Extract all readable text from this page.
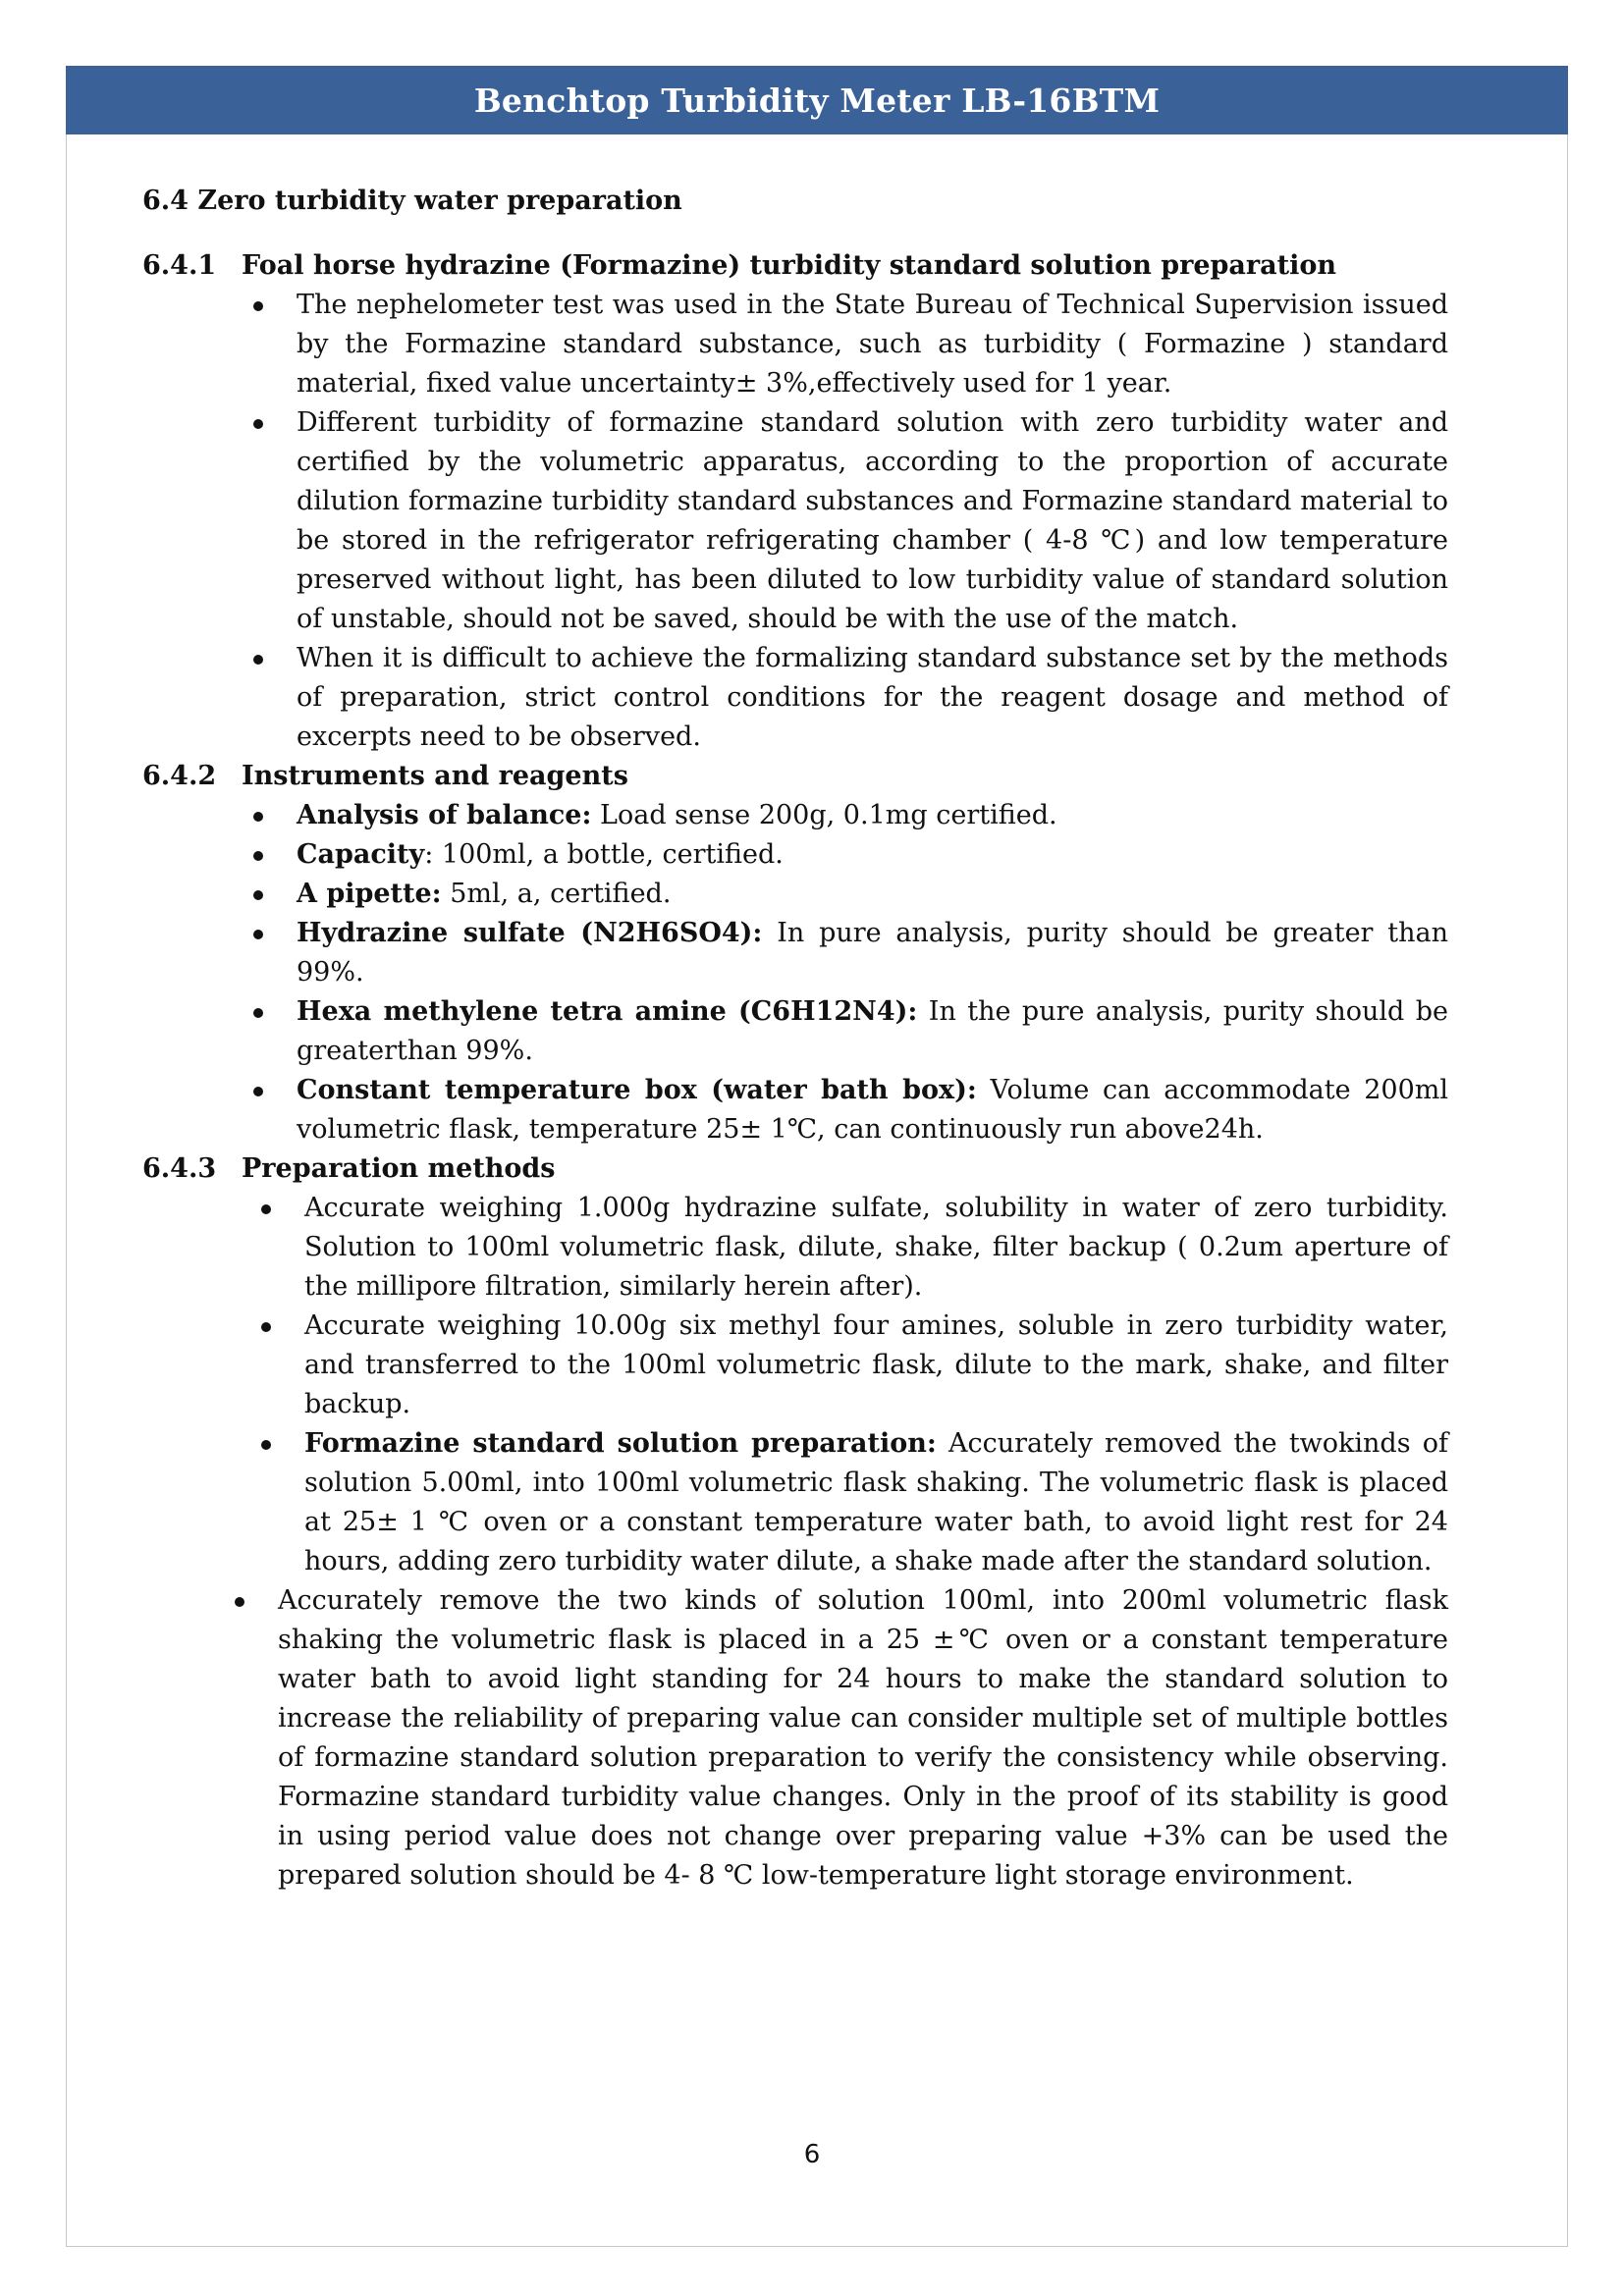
Benchtop Turbidity Meter LB-16BTM
6.4 Zero turbidity water preparation
6.4.1 Foal horse hydrazine (Formazine) turbidity standard solution preparation
The nephelometer test was used in the State Bureau of Technical Supervision issued by the Formazine standard substance, such as turbidity ( Formazine ) standard material, fixed value uncertainty± 3%,effectively used for 1 year.
Different turbidity of formazine standard solution with zero turbidity water and certified by the volumetric apparatus, according to the proportion of accurate dilution formazine turbidity standard substances and Formazine standard material to be stored in the refrigerator refrigerating chamber ( 4-8 ℃) and low temperature preserved without light, has been diluted to low turbidity value of standard solution of unstable, should not be saved, should be with the use of the match.
When it is difficult to achieve the formalizing standard substance set by the methods of preparation, strict control conditions for the reagent dosage and method of excerpts need to be observed.
6.4.2 Instruments and reagents
Analysis of balance: Load sense 200g, 0.1mg certified.
Capacity: 100ml, a bottle, certified.
A pipette: 5ml, a, certified.
Hydrazine sulfate (N2H6SO4): In pure analysis, purity should be greater than 99%.
Hexa methylene tetra amine (C6H12N4): In the pure analysis, purity should be greaterthan 99%.
Constant temperature box (water bath box): Volume can accommodate 200ml volumetric flask, temperature 25± 1℃, can continuously run above24h.
6.4.3 Preparation methods
Accurate weighing 1.000g hydrazine sulfate, solubility in water of zero turbidity. Solution to 100ml volumetric flask, dilute, shake, filter backup ( 0.2um aperture of the millipore filtration, similarly herein after).
Accurate weighing 10.00g six methyl four amines, soluble in zero turbidity water, and transferred to the 100ml volumetric flask, dilute to the mark, shake, and filter backup.
Formazine standard solution preparation: Accurately removed the twokinds of solution 5.00ml, into 100ml volumetric flask shaking. The volumetric flask is placed at 25± 1 ℃ oven or a constant temperature water bath, to avoid light rest for 24 hours, adding zero turbidity water dilute, a shake made after the standard solution.
Accurately remove the two kinds of solution 100ml, into 200ml volumetric flask shaking the volumetric flask is placed in a 25 ±℃ oven or a constant temperature water bath to avoid light standing for 24 hours to make the standard solution to increase the reliability of preparing value can consider multiple set of multiple bottles of formazine standard solution preparation to verify the consistency while observing. Formazine standard turbidity value changes. Only in the proof of its stability is good in using period value does not change over preparing value +3% can be used the prepared solution should be 4- 8 ℃ low-temperature light storage environment.
6
